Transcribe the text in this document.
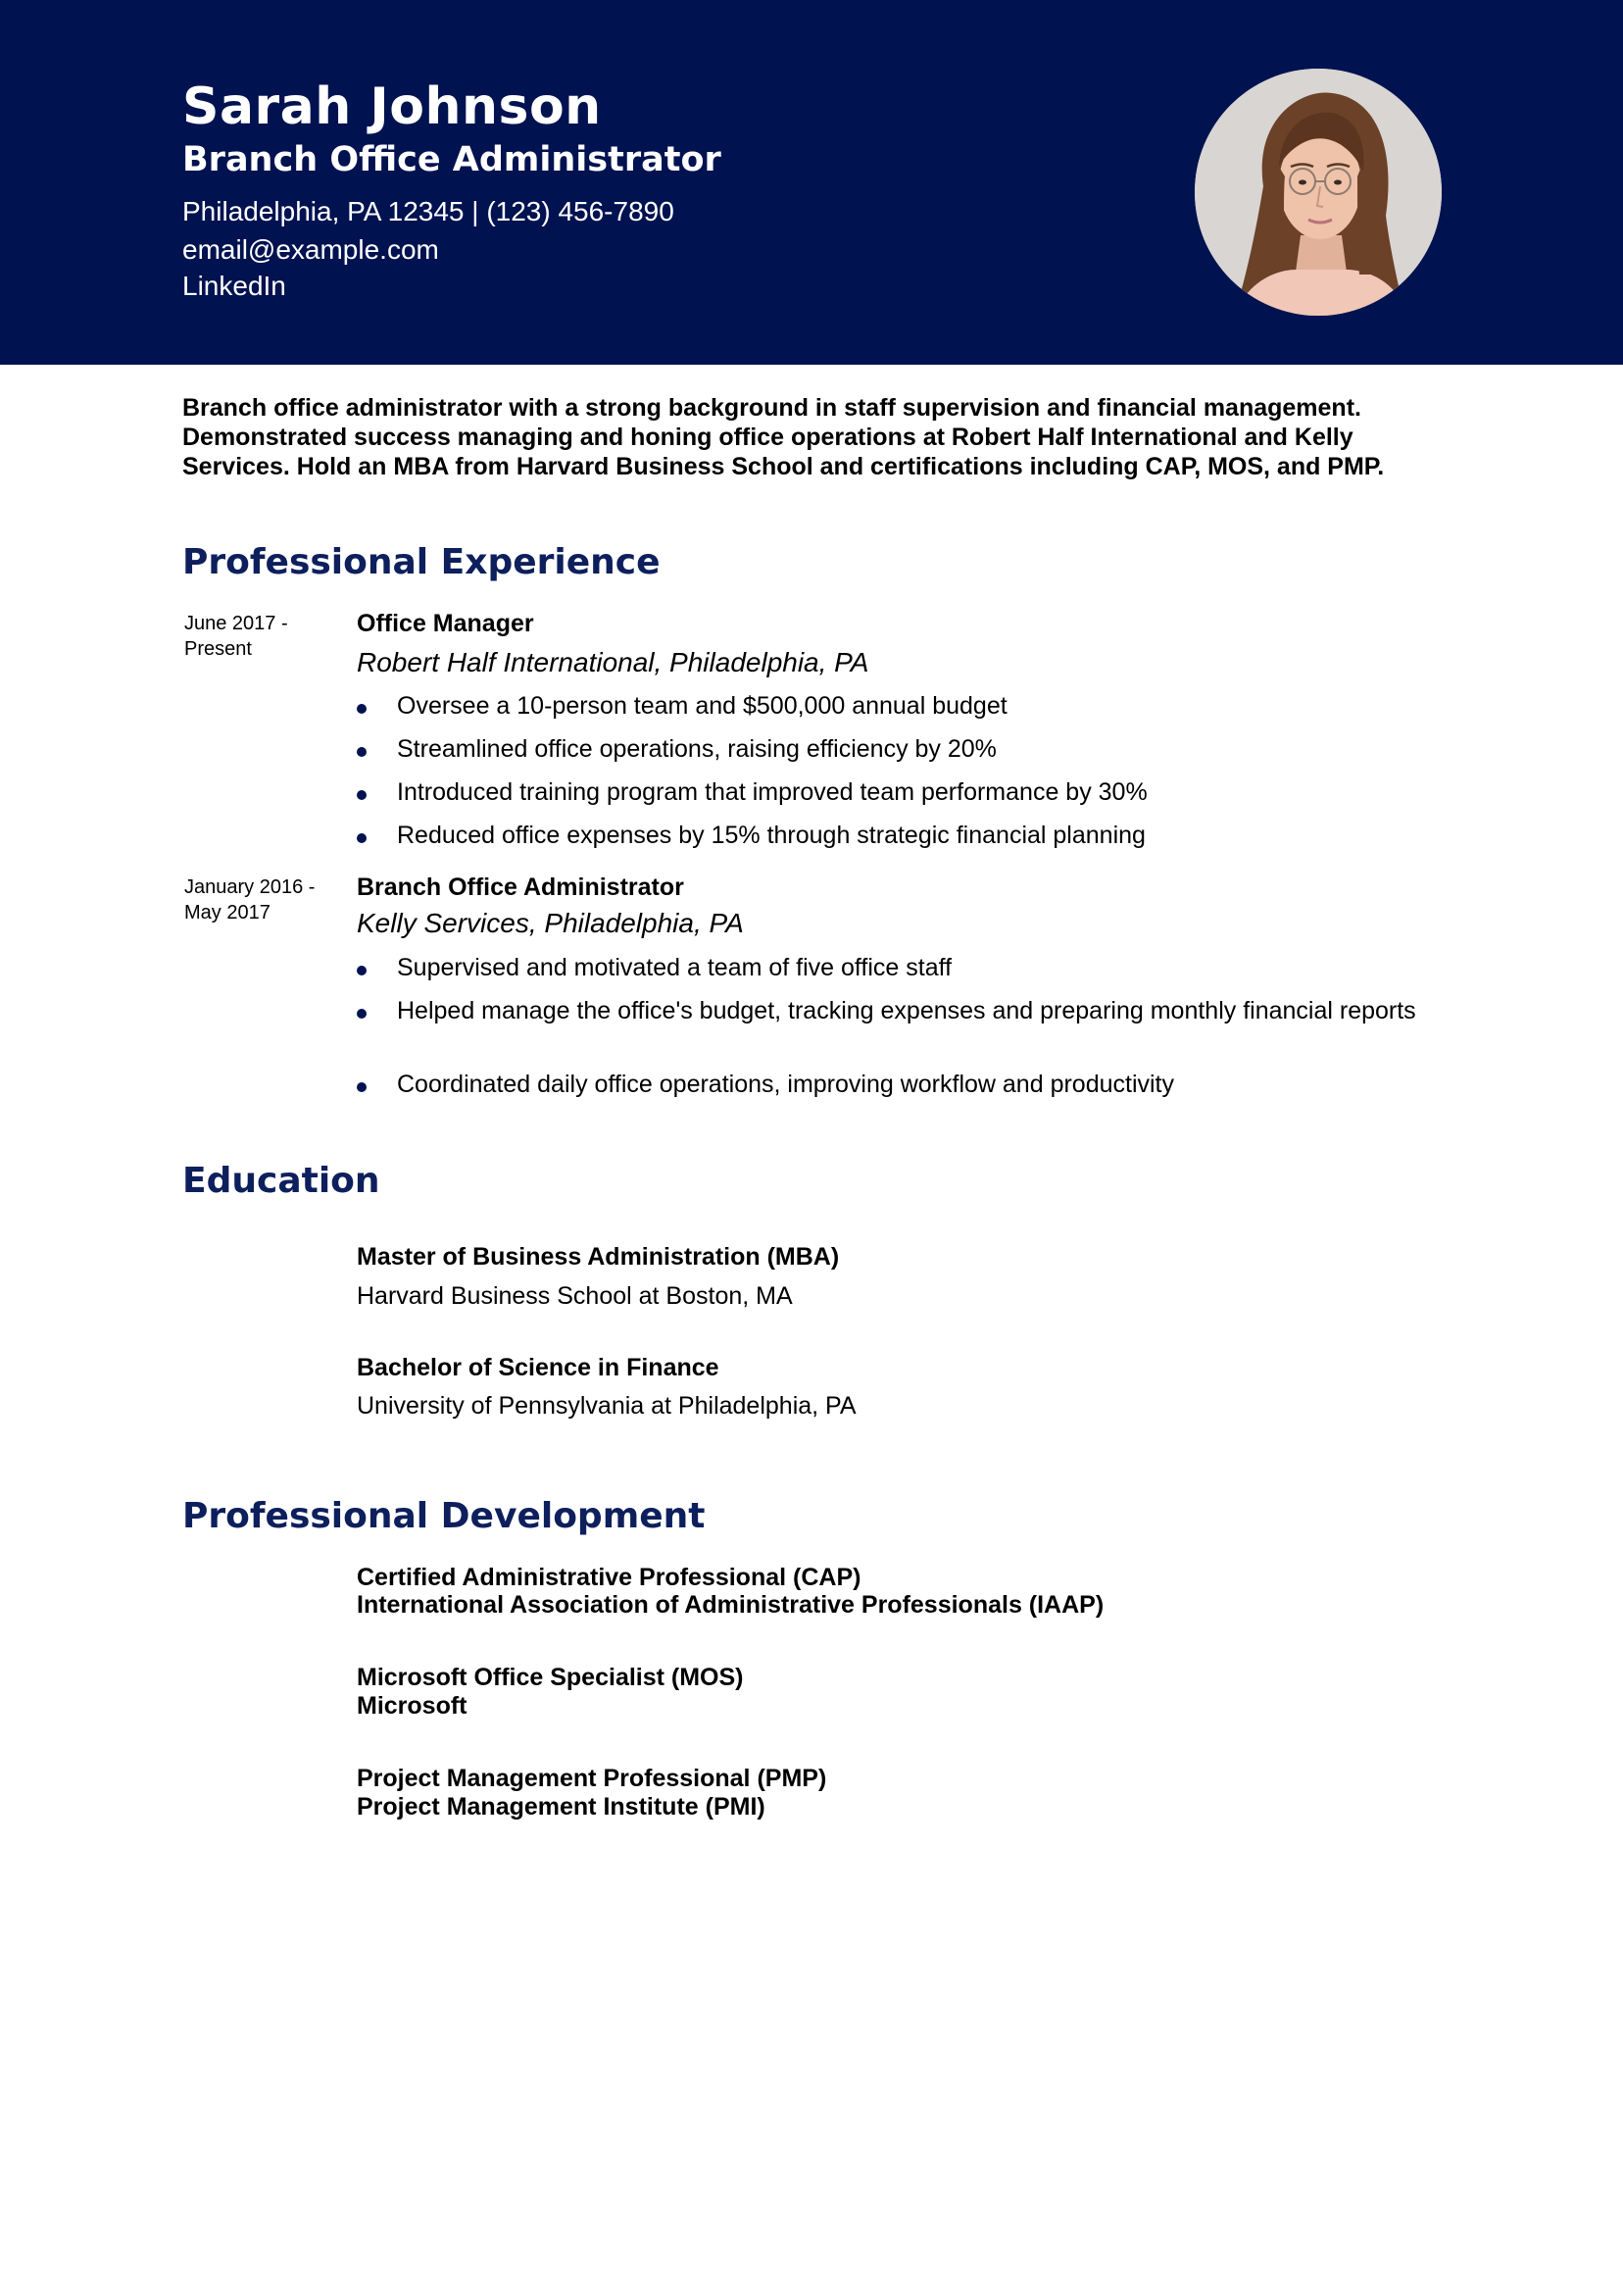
Sarah Johnson
Branch Office Administrator
Philadelphia, PA 12345 | (123) 456-7890
email@example.com
LinkedIn
Branch office administrator with a strong background in staff supervision and financial management. Demonstrated success managing and honing office operations at Robert Half International and Kelly Services. Hold an MBA from Harvard Business School and certifications including CAP, MOS, and PMP.
Professional Experience
June 2017 - Present
Office Manager
Robert Half International, Philadelphia, PA
Oversee a 10-person team and $500,000 annual budget
Streamlined office operations, raising efficiency by 20%
Introduced training program that improved team performance by 30%
Reduced office expenses by 15% through strategic financial planning
January 2016 - May 2017
Branch Office Administrator
Kelly Services, Philadelphia, PA
Supervised and motivated a team of five office staff
Helped manage the office's budget, tracking expenses and preparing monthly financial reports
Coordinated daily office operations, improving workflow and productivity
Education
Master of Business Administration (MBA)
Harvard Business School at Boston, MA
Bachelor of Science in Finance
University of Pennsylvania at Philadelphia, PA
Professional Development
Certified Administrative Professional (CAP)
International Association of Administrative Professionals (IAAP)
Microsoft Office Specialist (MOS)
Microsoft
Project Management Professional (PMP)
Project Management Institute (PMI)
